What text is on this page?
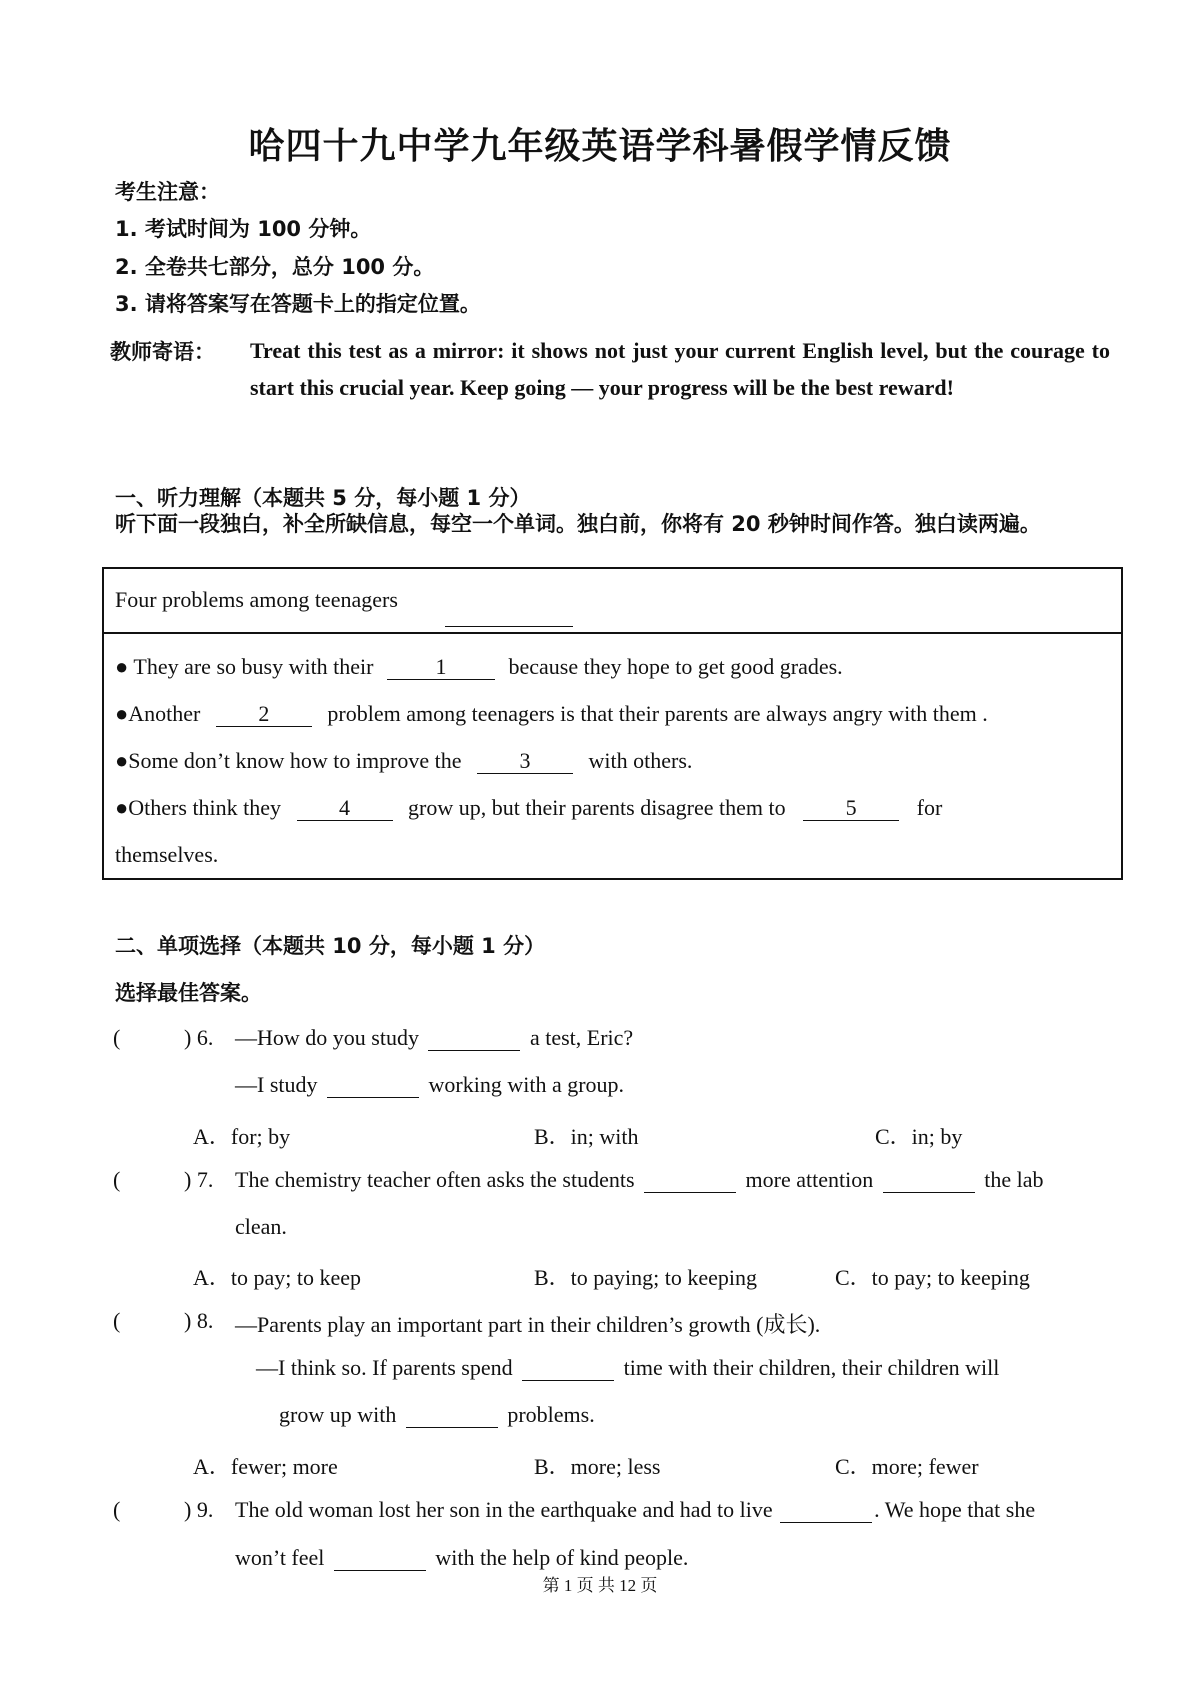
哈四十九中学九年级英语学科暑假学情反馈
考生注意：
1. 考试时间为 100 分钟。
2. 全卷共七部分，总分 100 分。
3. 请将答案写在答题卡上的指定位置。
教师寄语： Treat this test as a mirror: it shows not just your current English level, but the courage to start this crucial year. Keep going — your progress will be the best reward!
一、听力理解（本题共 5 分，每小题 1 分）
听下面一段独白，补全所缺信息，每空一个单词。独白前，你将有 20 秒钟时间作答。独白读两遍。
Four problems among teenagers
● They are so busy with their	1	because they hope to get good grades.
●Another	2	problem among teenagers is that their parents are always angry with them .
●Some don’t know how to improve the	3	with others.
●Others think they	4	grow up, but their parents disagree them to	5	for
themselves.
二、单项选择（本题共 10 分，每小题 1 分）
选择最佳答案。
(	) 6. —How do you study	a test, Eric?
—I study	working with a group.
A．for; by	B．in; with	C．in; by
(	) 7. The chemistry teacher often asks the students	more attention	the lab
clean.
A．to pay; to keep	B．to paying; to keeping	C．to pay; to keeping
(	) 8. —Parents play an important part in their children’s growth (成长).
—I think so. If parents spend	time with their children, their children will
grow up with	problems.
A．fewer; more	B．more; less	C．more; fewer
(	) 9. The old woman lost her son in the earthquake and had to live	. We hope that she
won’t feel	with the help of kind people.
第 1 页 共 12 页
